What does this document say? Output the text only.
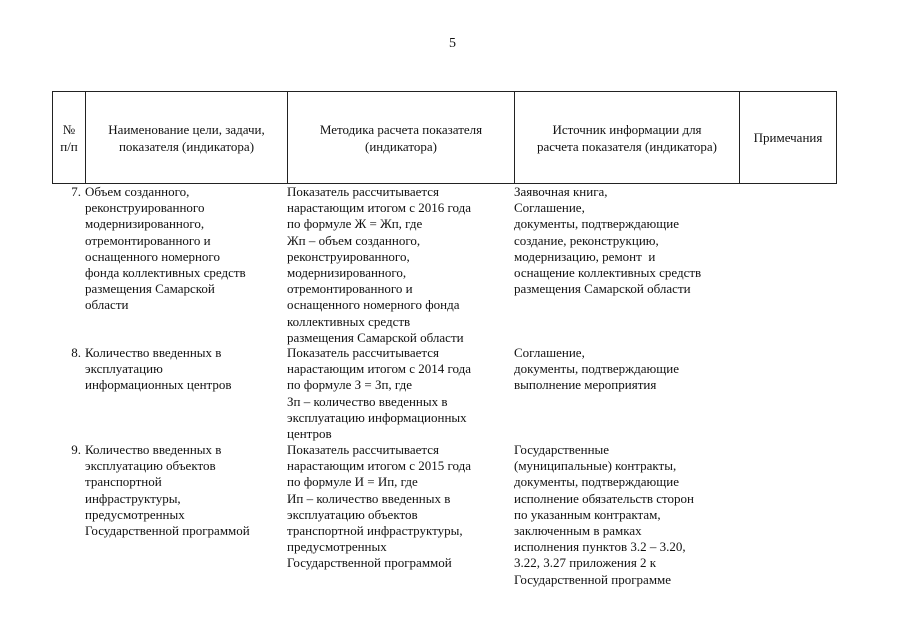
5
№
п/п
Наименование цели, задачи,
показателя (индикатора)
Методика расчета показателя
(индикатора)
Источник информации для
расчета показателя (индикатора)
Примечания
7. Объем созданного,
реконструированного
модернизированного,
отремонтированного и
оснащенного номерного
фонда коллективных средств
размещения Самарской
области
Показатель рассчитывается
нарастающим итогом с 2016 года
по формуле Ж = Жп, где
Жп – объем созданного,
реконструированного,
модернизированного,
отремонтированного и
оснащенного номерного фонда
коллективных средств
размещения Самарской области
Заявочная книга,
Соглашение,
документы, подтверждающие
создание, реконструкцию,
модернизацию, ремонт  и
оснащение коллективных средств
размещения Самарской области
8. Количество введенных в
эксплуатацию
информационных центров
Показатель рассчитывается
нарастающим итогом с 2014 года
по формуле З = Зп, где
Зп – количество введенных в
эксплуатацию информационных
центров
Соглашение,
документы, подтверждающие
выполнение мероприятия
9. Количество введенных в
эксплуатацию объектов
транспортной
инфраструктуры,
предусмотренных
Государственной программой
Показатель рассчитывается
нарастающим итогом с 2015 года
по формуле И = Ип, где
Ип – количество введенных в
эксплуатацию объектов
транспортной инфраструктуры,
предусмотренных
Государственной программой
Государственные
(муниципальные) контракты,
документы, подтверждающие
исполнение обязательств сторон
по указанным контрактам,
заключенным в рамках
исполнения пунктов 3.2 – 3.20,
3.22, 3.27 приложения 2 к
Государственной программе
